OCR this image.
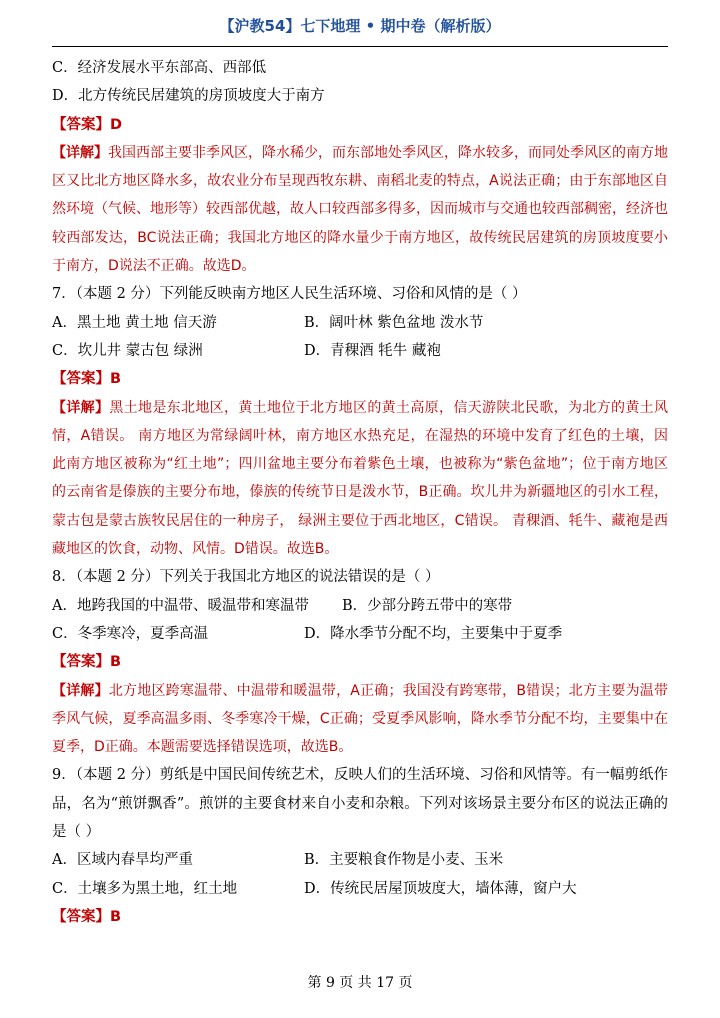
【沪教54】七下地理 • 期中卷（解析版）
C．经济发展水平东部高、西部低
D．北方传统民居建筑的房顶坡度大于南方
【答案】D
【详解】我国西部主要非季风区，降水稀少，而东部地处季风区，降水较多，而同处季风区的南方地区又比北方地区降水多，故农业分布呈现西牧东耕、南稻北麦的特点，A说法正确；由于东部地区自然环境（气候、地形等）较西部优越，故人口较西部多得多，因而城市与交通也较西部稠密，经济也较西部发达，BC说法正确；我国北方地区的降水量少于南方地区，故传统民居建筑的房顶坡度要小于南方，D说法不正确。故选D。
7．（本题 2 分）下列能反映南方地区人民生活环境、习俗和风情的是（ ）
A．黑土地 黄土地 信天游	B．阔叶林 紫色盆地 泼水节
C．坎儿井 蒙古包 绿洲	D．青稞酒 牦牛 藏袍
【答案】B
【详解】黑土地是东北地区，黄土地位于北方地区的黄土高原，信天游陕北民歌，为北方的黄土风情，A错误。 南方地区为常绿阔叶林，南方地区水热充足，在湿热的环境中发育了红色的土壤，因此南方地区被称为“红土地”；四川盆地主要分布着紫色土壤，也被称为“紫色盆地”；位于南方地区的云南省是傣族的主要分布地，傣族的传统节日是泼水节，B正确。坎儿井为新疆地区的引水工程，蒙古包是蒙古族牧民居住的一种房子， 绿洲主要位于西北地区，C错误。 青稞酒、牦牛、藏袍是西藏地区的饮食，动物、风情。D错误。故选B。
8．（本题 2 分）下列关于我国北方地区的说法错误的是（ ）
A．地跨我国的中温带、暖温带和寒温带	B．少部分跨五带中的寒带
C．冬季寒冷，夏季高温	D．降水季节分配不均，主要集中于夏季
【答案】B
【详解】北方地区跨寒温带、中温带和暖温带，A正确；我国没有跨寒带，B错误；北方主要为温带季风气候，夏季高温多雨、冬季寒冷干燥，C正确；受夏季风影响，降水季节分配不均，主要集中在夏季，D正确。本题需要选择错误选项，故选B。
9．（本题 2 分）剪纸是中国民间传统艺术，反映人们的生活环境、习俗和风情等。有一幅剪纸作品，名为“煎饼飘香”。煎饼的主要食材来自小麦和杂粮。下列对该场景主要分布区的说法正确的是（ ）
A．区域内春旱均严重	B．主要粮食作物是小麦、玉米
C．土壤多为黑土地，红土地	D．传统民居屋顶坡度大，墙体薄，窗户大
【答案】B
第 9 页 共 17 页
